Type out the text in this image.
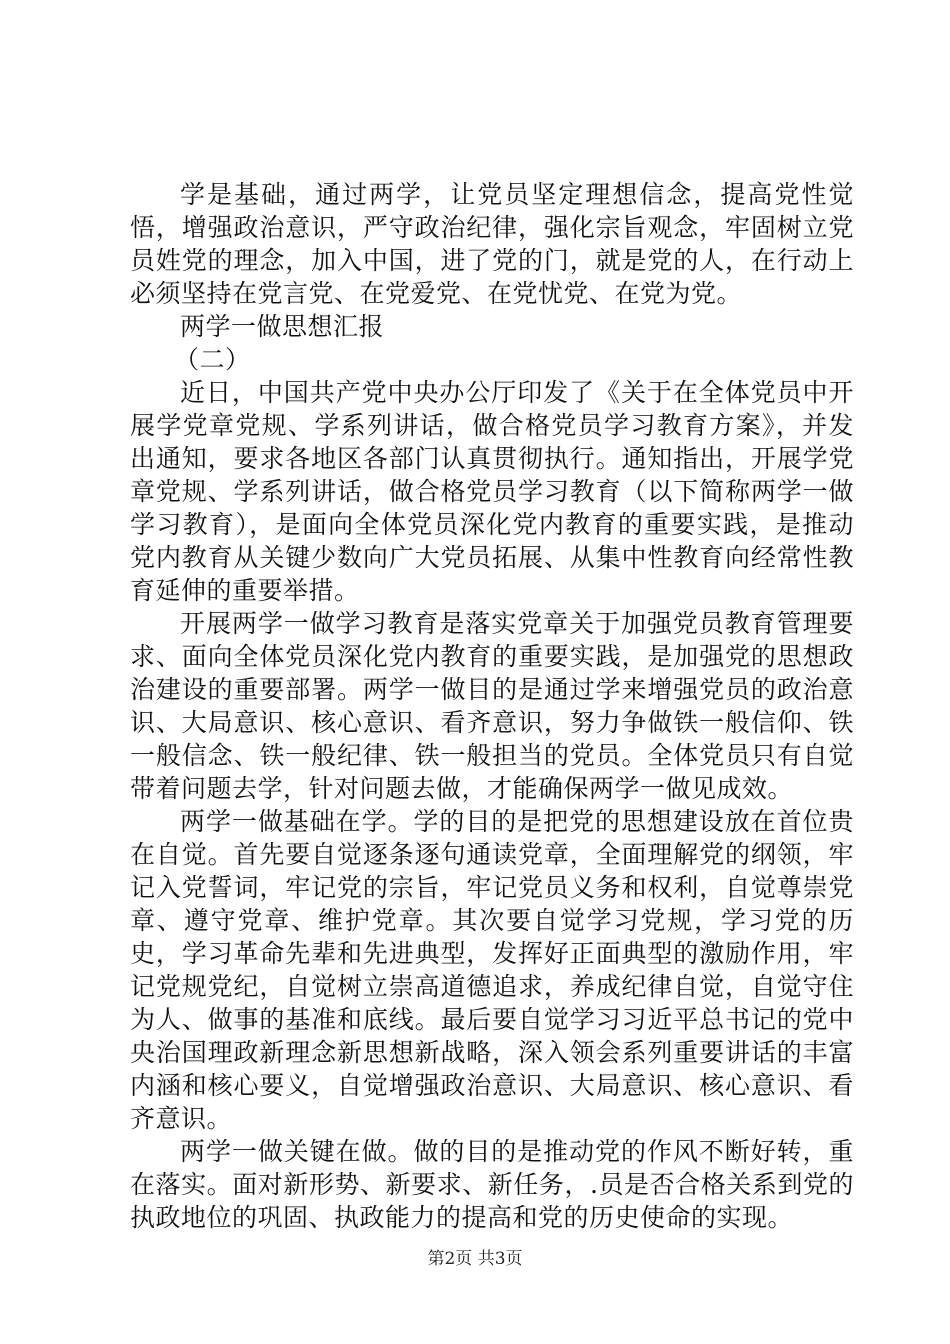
学是基础，通过两学，让党员坚定理想信念，提高党性觉悟，增强政治意识，严守政治纪律，强化宗旨观念，牢固树立党员姓党的理念，加入中国，进了党的门，就是党的人，在行动上必须坚持在党言党、在党爱党、在党忧党、在党为党。

两学一做思想汇报

（二）

近日，中国共产党中央办公厅印发了《关于在全体党员中开展学党章党规、学系列讲话，做合格党员学习教育方案》，并发出通知，要求各地区各部门认真贯彻执行。通知指出，开展学党章党规、学系列讲话，做合格党员学习教育（以下简称两学一做学习教育），是面向全体党员深化党内教育的重要实践，是推动党内教育从关键少数向广大党员拓展、从集中性教育向经常性教育延伸的重要举措。

开展两学一做学习教育是落实党章关于加强党员教育管理要求、面向全体党员深化党内教育的重要实践，是加强党的思想政治建设的重要部署。两学一做目的是通过学来增强党员的政治意识、大局意识、核心意识、看齐意识，努力争做铁一般信仰、铁一般信念、铁一般纪律、铁一般担当的党员。全体党员只有自觉带着问题去学，针对问题去做，才能确保两学一做见成效。

两学一做基础在学。学的目的是把党的思想建设放在首位贵在自觉。首先要自觉逐条逐句通读党章，全面理解党的纲领，牢记入党誓词，牢记党的宗旨，牢记党员义务和权利，自觉尊崇党章、遵守党章、维护党章。其次要自觉学习党规，学习党的历史，学习革命先辈和先进典型，发挥好正面典型的激励作用，牢记党规党纪，自觉树立崇高道德追求，养成纪律自觉，自觉守住为人、做事的基准和底线。最后要自觉学习习近平总书记的党中央治国理政新理念新思想新战略，深入领会系列重要讲话的丰富内涵和核心要义，自觉增强政治意识、大局意识、核心意识、看齐意识。

两学一做关键在做。做的目的是推动党的作风不断好转，重在落实。面对新形势、新要求、新任务，.员是否合格关系到党的执政地位的巩固、执政能力的提高和党的历史使命的实现。

第2页 共3页
